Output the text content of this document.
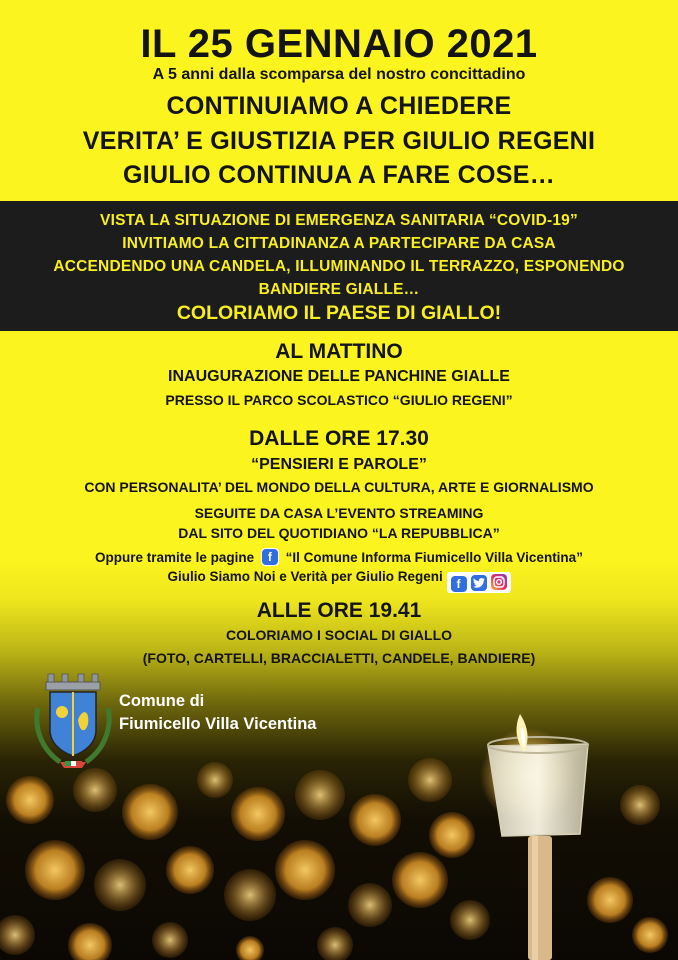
IL 25 GENNAIO 2021
A 5 anni dalla scomparsa del nostro concittadino
CONTINUIAMO A CHIEDERE
VERITA’ E GIUSTIZIA PER GIULIO REGENI
GIULIO CONTINUA A FARE COSE…
VISTA LA SITUAZIONE DI EMERGENZA SANITARIA “COVID-19”
INVITIAMO LA CITTADINANZA A PARTECIPARE DA CASA
ACCENDENDO UNA CANDELA, ILLUMINANDO IL TERRAZZO, ESPONENDO
BANDIERE GIALLE…
COLORIAMO IL PAESE DI GIALLO!
AL MATTINO
INAUGURAZIONE DELLE PANCHINE GIALLE
PRESSO IL PARCO SCOLASTICO “GIULIO REGENI”
DALLE ORE 17.30
“PENSIERI E PAROLE”
CON PERSONALITA’ DEL MONDO DELLA CULTURA, ARTE E GIORNALISMO
SEGUITE DA CASA L’EVENTO STREAMING
DAL SITO DEL QUOTIDIANO “LA REPUBBLICA”
Oppure tramite le pagine	f	“Il Comune Informa Fiumicello Villa Vicentina”
Giulio Siamo Noi e Verità per Giulio Regeni f
ALLE ORE 19.41
COLORIAMO I SOCIAL DI GIALLO
(FOTO, CARTELLI, BRACCIALETTI, CANDELE, BANDIERE)
Comune di
Fiumicello Villa Vicentina
